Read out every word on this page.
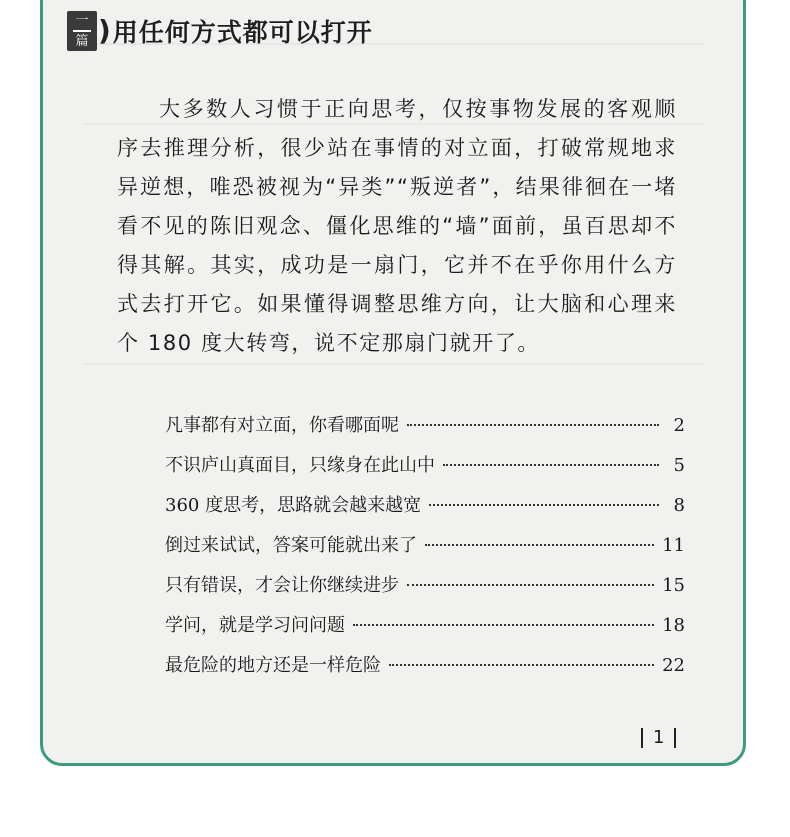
一
篇 ) 用任何方式都可以打开

大多数人习惯于正向思考，仅按事物发展的客观顺序去推理分析，很少站在事情的对立面，打破常规地求异逆想，唯恐被视为“异类”“叛逆者”，结果徘徊在一堵看不见的陈旧观念、僵化思维的“墙”面前，虽百思却不得其解。其实，成功是一扇门，它并不在乎你用什么方式去打开它。如果懂得调整思维方向，让大脑和心理来个 180 度大转弯，说不定那扇门就开了。

凡事都有对立面，你看哪面呢	2
不识庐山真面目，只缘身在此山中	5
360 度思考，思路就会越来越宽	8
倒过来试试，答案可能就出来了	11
只有错误，才会让你继续进步	15
学问，就是学习问问题	18
最危险的地方还是一样危险	22
1
